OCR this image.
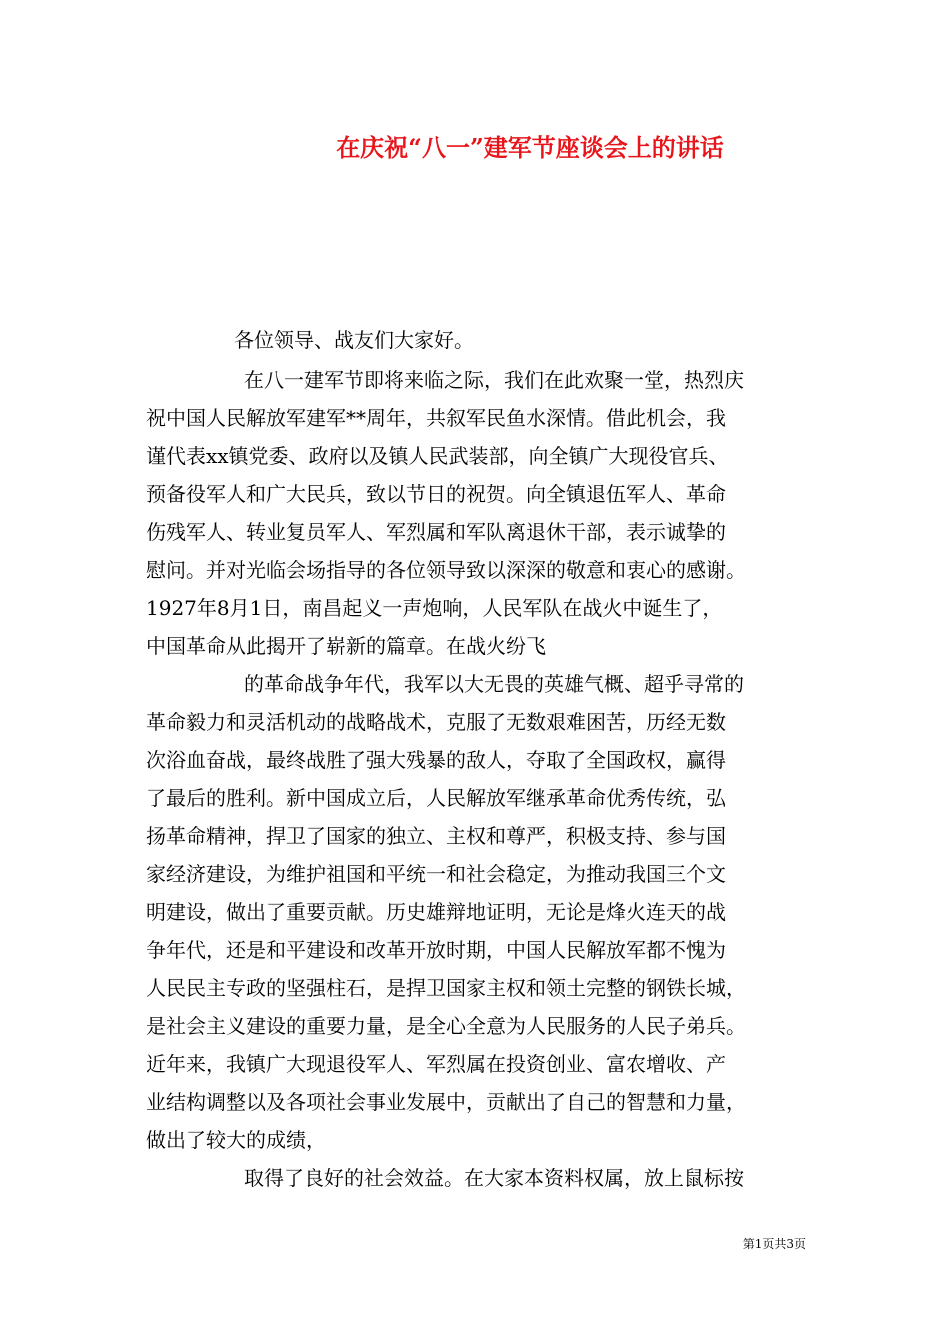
在庆祝“八一”建军节座谈会上的讲话
各位领导、战友们大家好。
在八一建军节即将来临之际，我们在此欢聚一堂，热烈庆
祝中国人民解放军建军**周年，共叙军民鱼水深情。借此机会，我
谨代表xx镇党委、政府以及镇人民武装部，向全镇广大现役官兵、
预备役军人和广大民兵，致以节日的祝贺。向全镇退伍军人、革命
伤残军人、转业复员军人、军烈属和军队离退休干部，表示诚挚的
慰问。并对光临会场指导的各位领导致以深深的敬意和衷心的感谢。
1927年8月1日，南昌起义一声炮响，人民军队在战火中诞生了，
中国革命从此揭开了崭新的篇章。在战火纷飞
的革命战争年代，我军以大无畏的英雄气概、超乎寻常的
革命毅力和灵活机动的战略战术，克服了无数艰难困苦，历经无数
次浴血奋战，最终战胜了强大残暴的敌人，夺取了全国政权，赢得
了最后的胜利。新中国成立后，人民解放军继承革命优秀传统，弘
扬革命精神，捍卫了国家的独立、主权和尊严，积极支持、参与国
家经济建设，为维护祖国和平统一和社会稳定，为推动我国三个文
明建设，做出了重要贡献。历史雄辩地证明，无论是烽火连天的战
争年代，还是和平建设和改革开放时期，中国人民解放军都不愧为
人民民主专政的坚强柱石，是捍卫国家主权和领土完整的钢铁长城，
是社会主义建设的重要力量，是全心全意为人民服务的人民子弟兵。
近年来，我镇广大现退役军人、军烈属在投资创业、富农增收、产
业结构调整以及各项社会事业发展中，贡献出了自己的智慧和力量，
做出了较大的成绩，
取得了良好的社会效益。在大家本资料权属，放上鼠标按
第1页共3页
